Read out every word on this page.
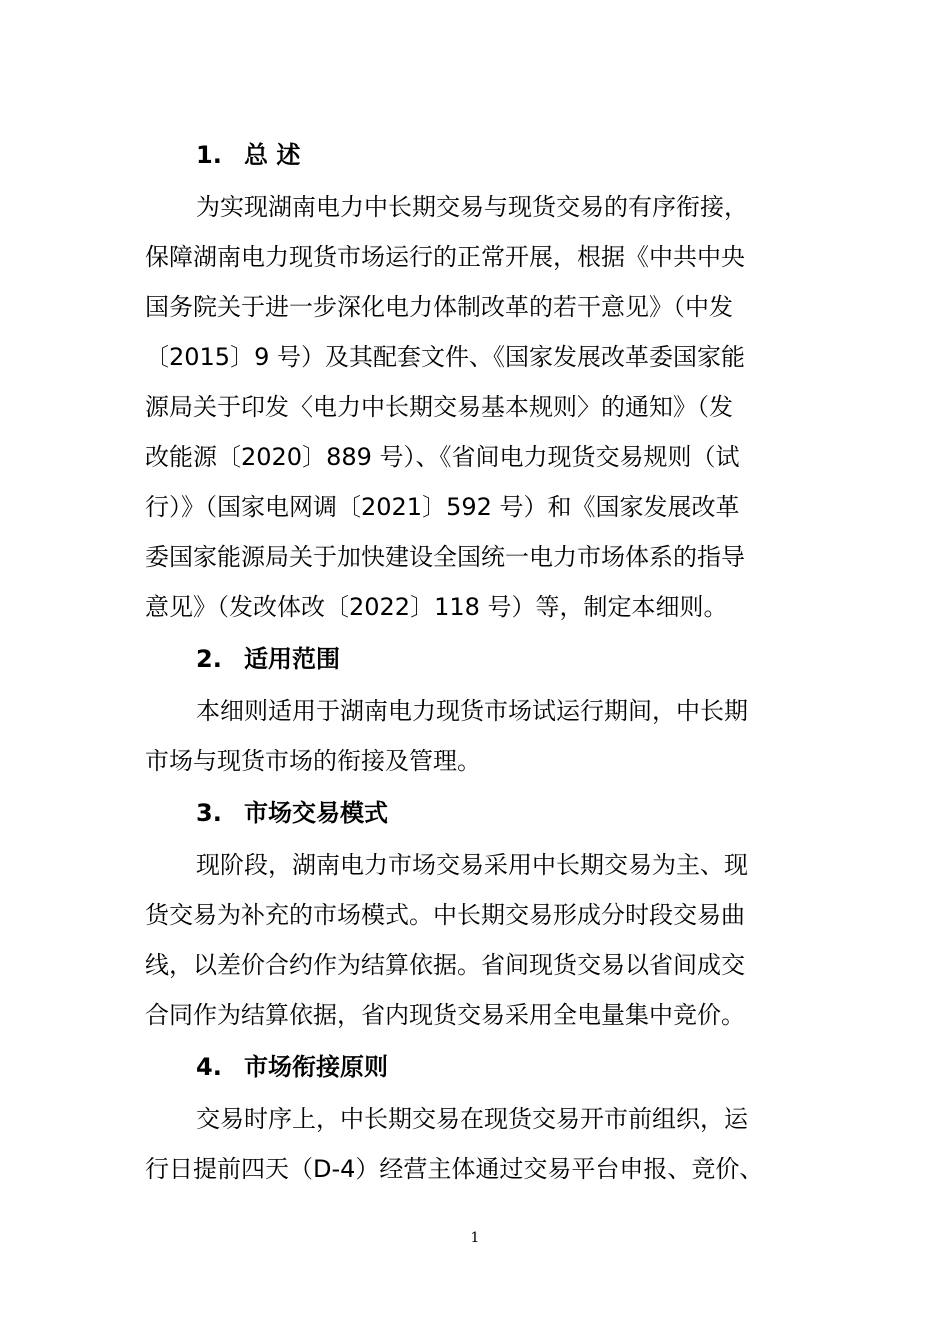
1. 总 述
为实现湖南电力中长期交易与现货交易的有序衔接，
保障湖南电力现货市场运行的正常开展，根据《中共中央
国务院关于进一步深化电力体制改革的若干意见》（中发
〔2015〕9 号）及其配套文件、《国家发展改革委国家能
源局关于印发〈电力中长期交易基本规则〉的通知》（发
改能源〔2020〕889 号）、《省间电力现货交易规则（试
行）》（国家电网调〔2021〕592 号）和《国家发展改革
委国家能源局关于加快建设全国统一电力市场体系的指导
意见》（发改体改〔2022〕118 号）等，制定本细则。
2. 适用范围
本细则适用于湖南电力现货市场试运行期间，中长期
市场与现货市场的衔接及管理。
3. 市场交易模式
现阶段，湖南电力市场交易采用中长期交易为主、现
货交易为补充的市场模式。中长期交易形成分时段交易曲
线，以差价合约作为结算依据。省间现货交易以省间成交
合同作为结算依据，省内现货交易采用全电量集中竞价。
4. 市场衔接原则
交易时序上，中长期交易在现货交易开市前组织，运
行日提前四天（D-4）经营主体通过交易平台申报、竞价、
1
